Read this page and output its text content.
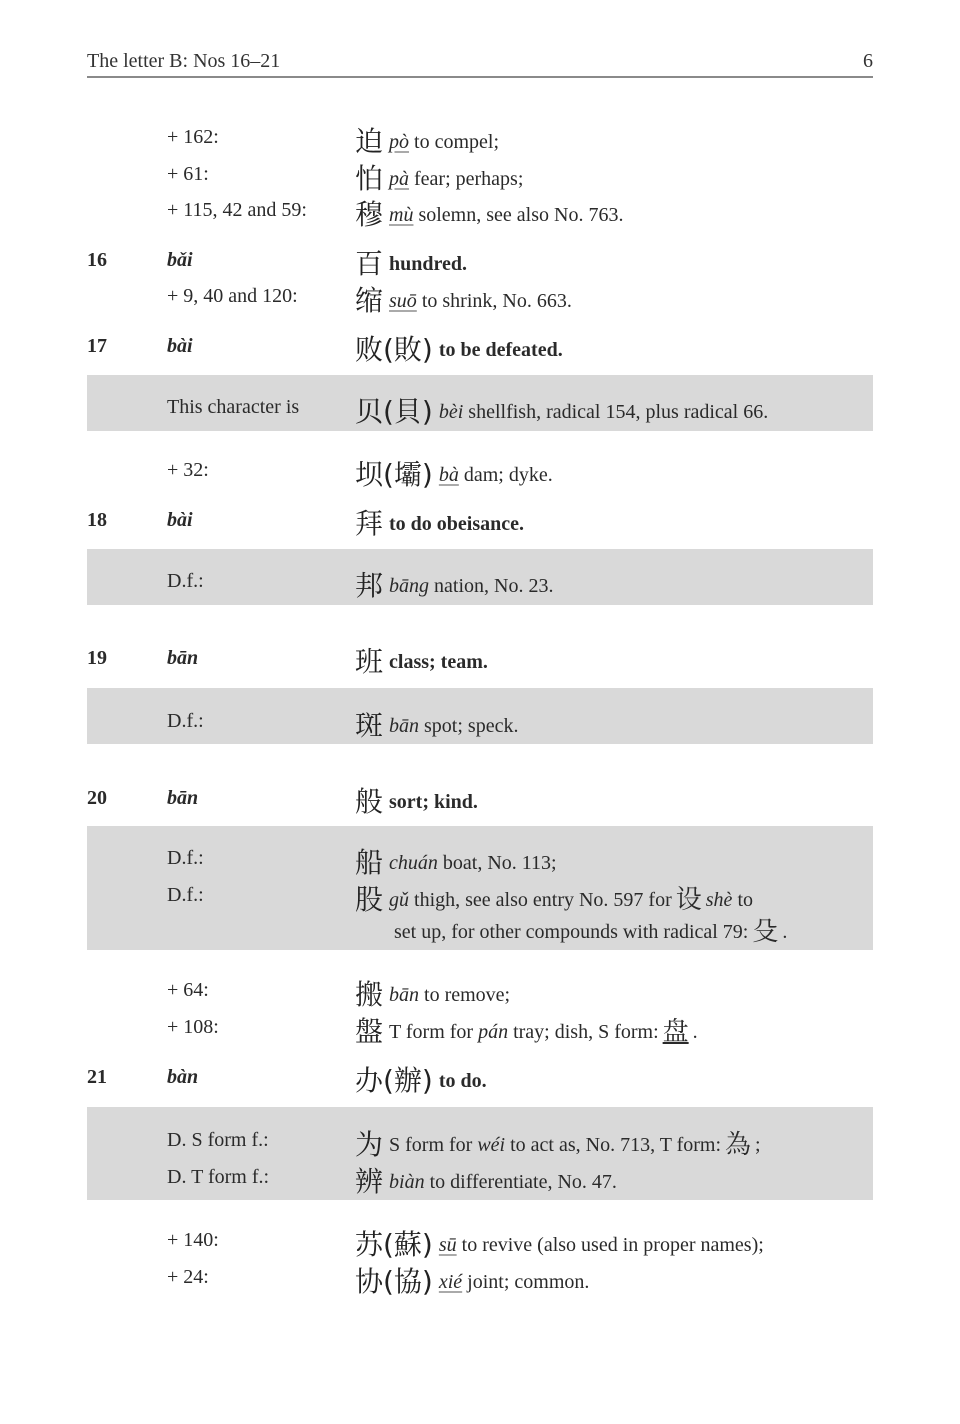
The letter B: Nos 16–21	6
+ 162:	迫 pò to compel;
+ 61:	怕 pà fear; perhaps;
+ 115, 42 and 59: 穆 mù solemn, see also No. 763.
16	bǎi	百 hundred.
+ 9, 40 and 120: 缩 suō to shrink, No. 663.
17	bài	败(敗) to be defeated.
This character is 贝(貝) bèi shellfish, radical 154, plus radical 66.
+ 32:	坝(壩) bà dam; dyke.
18	bài	拜 to do obeisance.
D.f.:	邦 bāng nation, No. 23.
19	bān	班 class; team.
D.f.:	斑 bān spot; speck.
20	bān	般 sort; kind.
D.f.:	船 chuán boat, No. 113;
D.f.:	股 gǔ thigh, see also entry No. 597 for 设 shè to
set up, for other compounds with radical 79: 殳 .
+ 64:	搬 bān to remove;
+ 108:	盤 T form for pán tray; dish, S form: 盘 .
21	bàn	办(辦) to do.
D. S form f.:	为 S form for wéi to act as, No. 713, T form: 為 ;
D. T form f.:	辨 biàn to differentiate, No. 47.
+ 140:	苏(蘇) sū to revive (also used in proper names);
+ 24:	协(協) xié joint; common.
